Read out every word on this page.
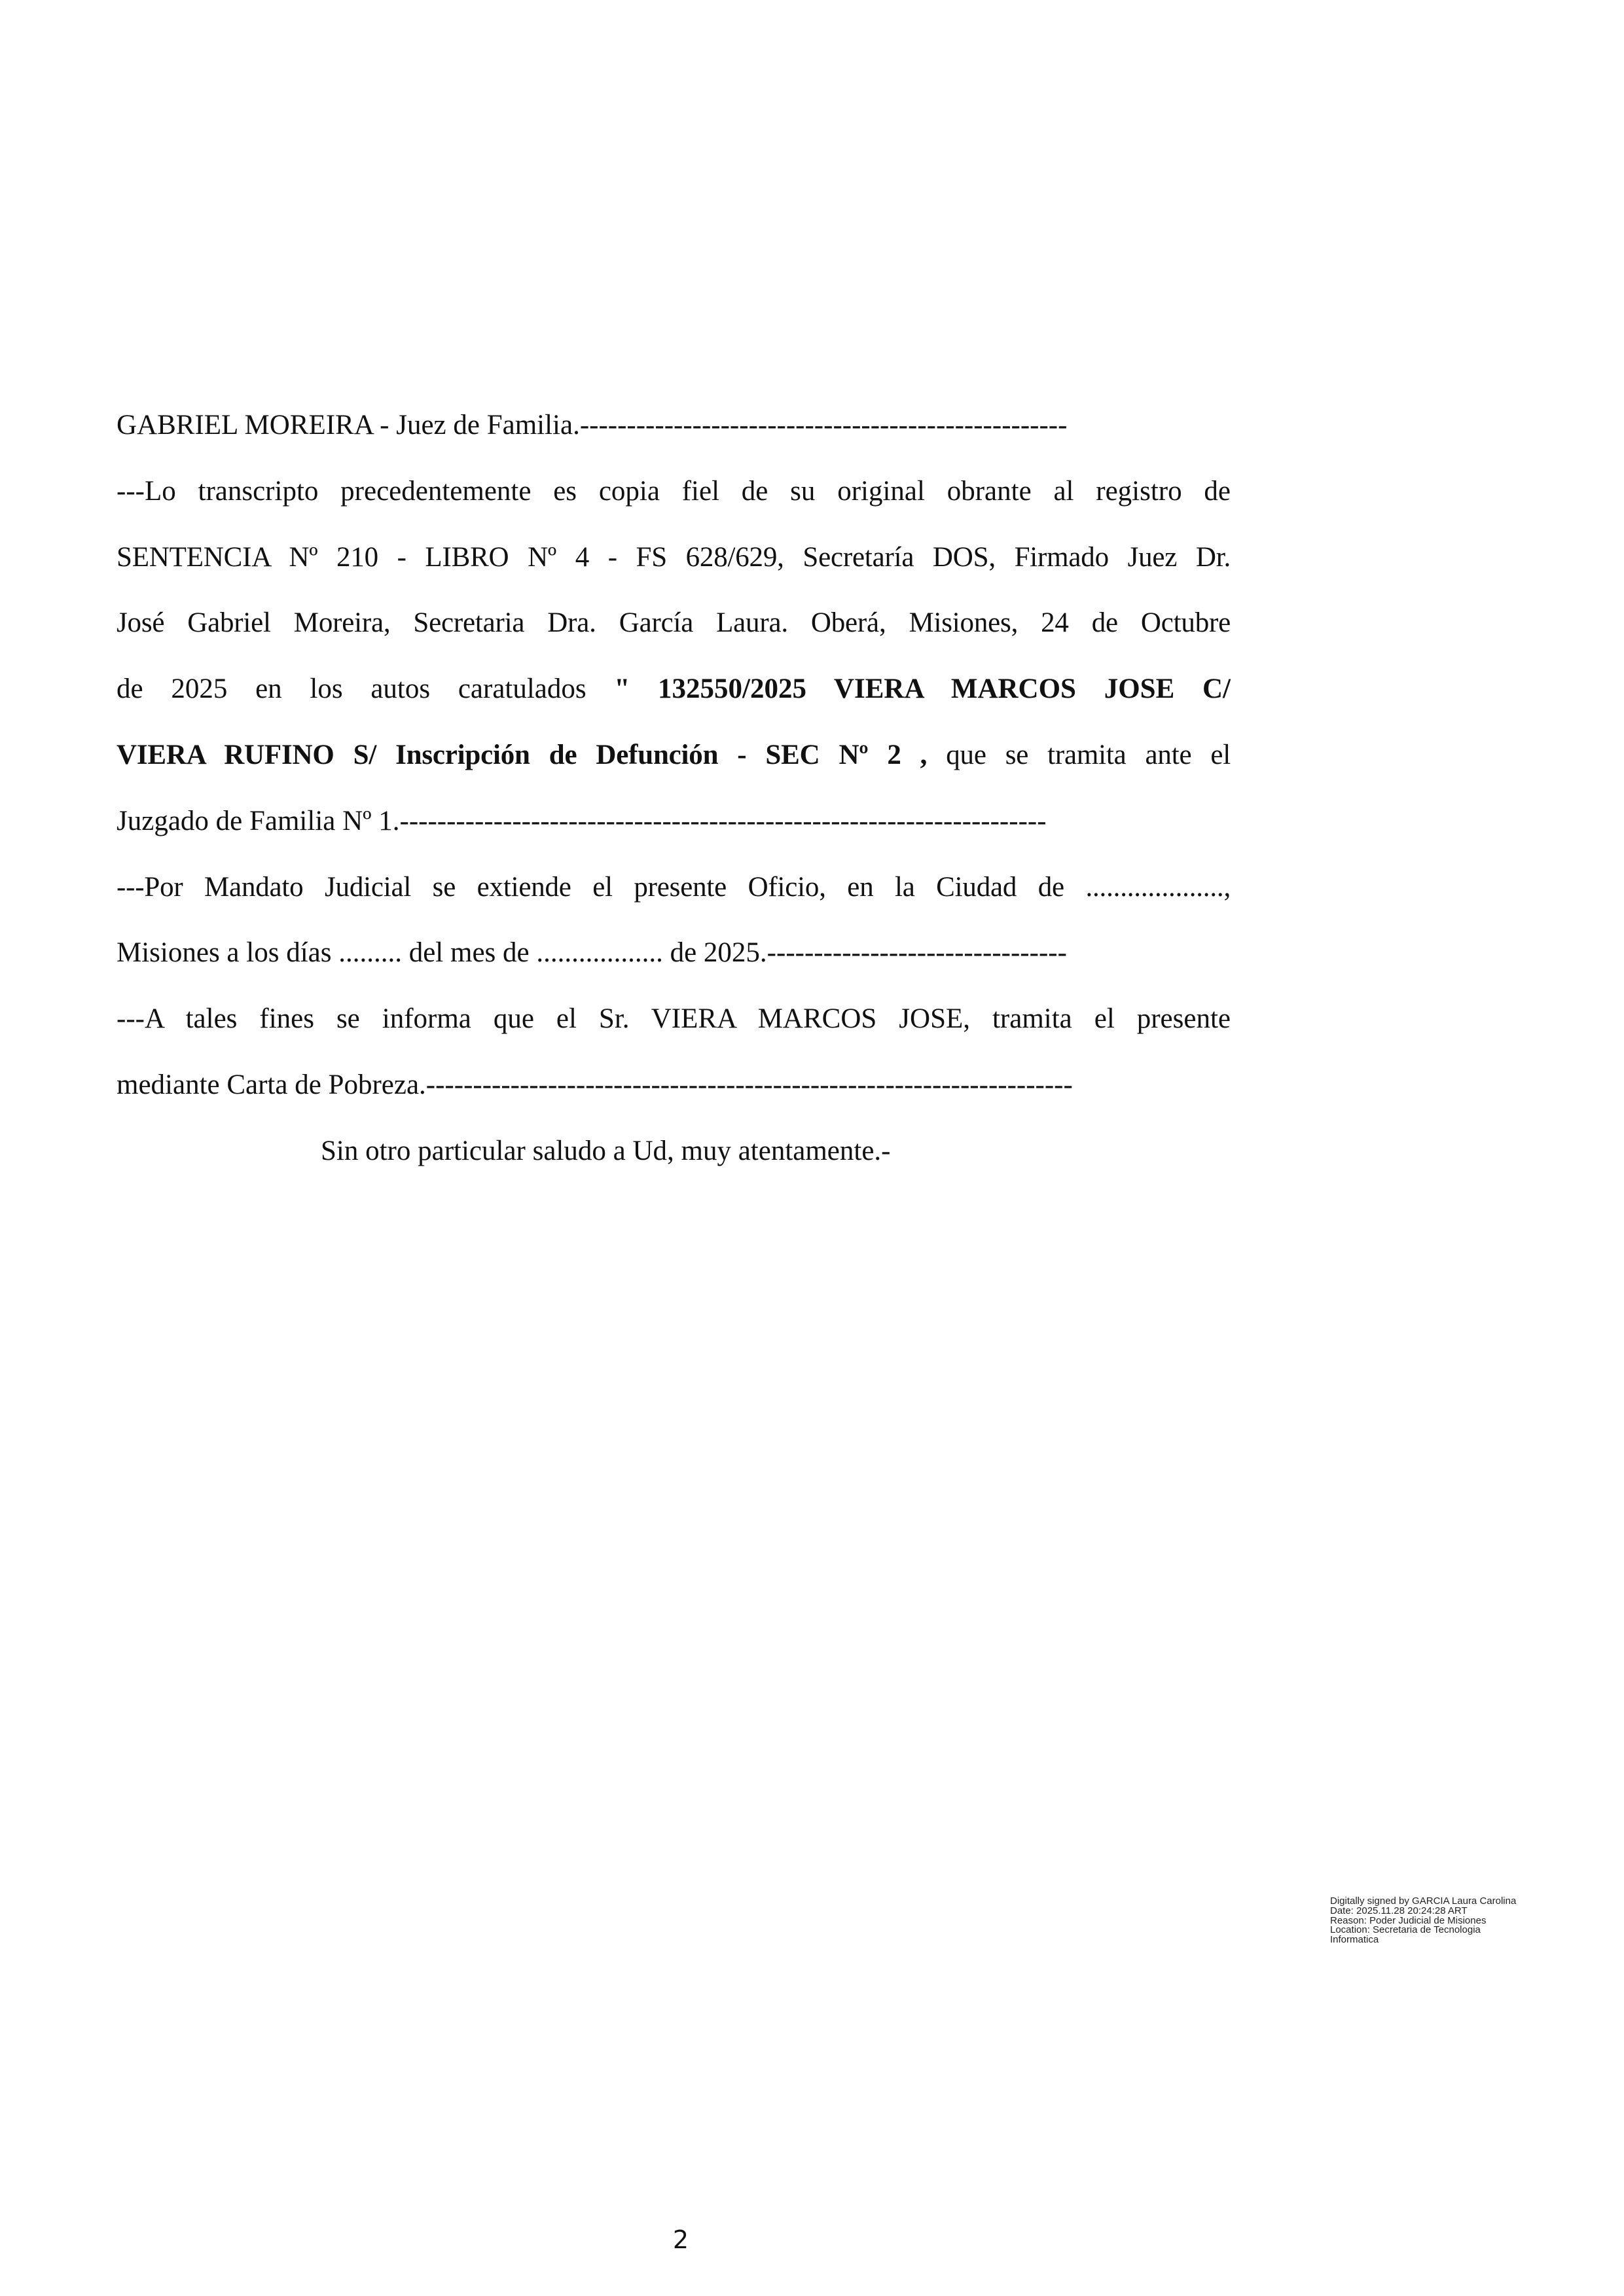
GABRIEL MOREIRA - Juez de Familia.----------------------------------------------------
---Lo transcripto precedentemente es copia fiel de su original obrante al registro de
SENTENCIA Nº 210 - LIBRO Nº 4 - FS 628/629, Secretaría DOS, Firmado Juez Dr.
José Gabriel Moreira, Secretaria Dra. García Laura. Oberá, Misiones, 24 de Octubre
de 2025 en los autos caratulados " 132550/2025 VIERA MARCOS JOSE C/
VIERA RUFINO S/ Inscripción de Defunción - SEC Nº 2 , que se tramita ante el
Juzgado de Familia Nº 1.---------------------------------------------------------------------
---Por Mandato Judicial se extiende el presente Oficio, en la Ciudad de ....................,
Misiones a los días ......... del mes de .................. de 2025.--------------------------------
---A tales fines se informa que el Sr. VIERA MARCOS JOSE, tramita el presente
mediante Carta de Pobreza.---------------------------------------------------------------------
Sin otro particular saludo a Ud, muy atentamente.-
Digitally signed by GARCIA Laura Carolina
Date: 2025.11.28 20:24:28 ART
Reason: Poder Judicial de Misiones
Location: Secretaria de Tecnologia
Informatica
2
